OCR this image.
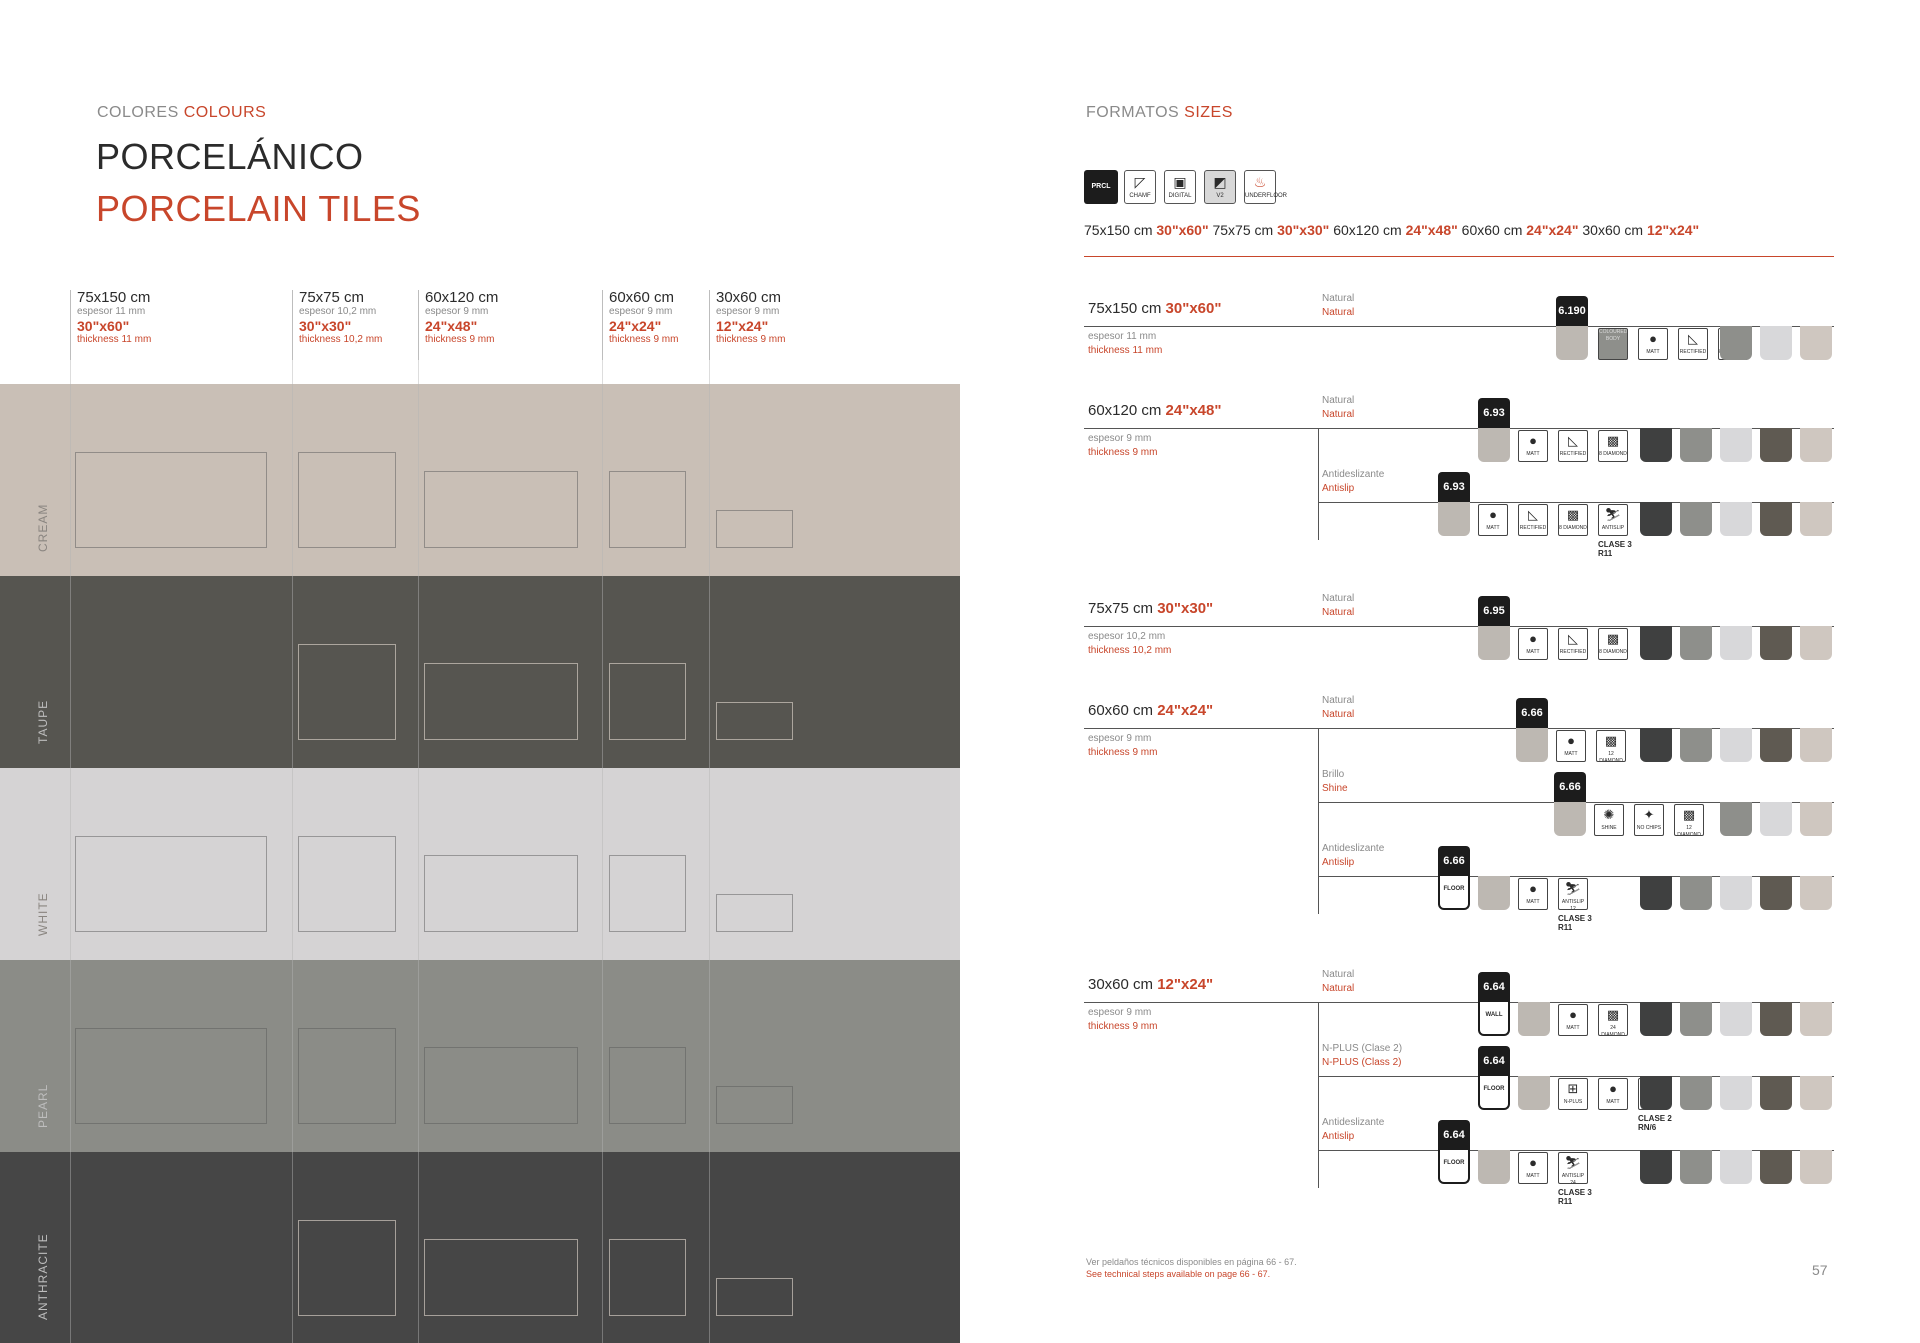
COLORES COLOURS
PORCELÁNICO
PORCELAIN TILES
75x150 cm
espesor 11 mm
30"x60"
thickness 11 mm
75x75 cm
espesor 10,2 mm
30"x30"
thickness 10,2 mm
60x120 cm
espesor 9 mm
24"x48"
thickness 9 mm
60x60 cm
espesor 9 mm
24"x24"
thickness 9 mm
30x60 cm
espesor 9 mm
12"x24"
thickness 9 mm
CREAM
TAUPE
WHITE
PEARL
ANTHRACITE
FORMATOS SIZES
PRCL	◸
CHAMF
▣
DIGITAL
◩
V2
♨
UNDERFLOOR
75x150 cm 30"x60" 75x75 cm 30"x30" 60x120 cm 24"x48" 60x60 cm 24"x24" 30x60 cm 12"x24"
75x150 cm 30"x60"
espesor 11 mm
thickness 11 mm
Natural
Natural	6.190
COLOURED BODY	●
MATT
◺
RECTIFIED
60x120 cm 24"x48"
espesor 9 mm
thickness 9 mm
Natural
Natural	6.93
●
MATT
◺
RECTIFIED
▩
8 DIAMOND
Antideslizante
Antislip	6.93
●
MATT
◺
RECTIFIED
▩
8 DIAMOND
⛷
ANTISLIP
CLASE 3
R11
75x75 cm 30"x30"
espesor 10,2 mm
thickness 10,2 mm
Natural
Natural	6.95
●
MATT
◺
RECTIFIED
▩
8 DIAMOND
60x60 cm 24"x24"
espesor 9 mm
thickness 9 mm
Natural
Natural	6.66
●
MATT
▩
12 DIAMOND
Brillo
Shine	6.66
✺
SHINE
✦
NO CHIPS
▩
12 DIAMOND
Antideslizante
Antislip	6.66
FLOOR	●
MATT
⛷
ANTISLIP 12
CLASE 3
R11
30x60 cm 12"x24"
espesor 9 mm
thickness 9 mm
Natural
Natural	6.64
WALL	●
MATT
▩
24 DIAMOND
N-PLUS (Clase 2)
N-PLUS (Class 2)	6.64
FLOOR	⊞
N-PLUS
●
MATT
CLASE 2
RN/6
Antideslizante
Antislip	6.64
FLOOR	●
MATT
⛷
ANTISLIP 24
CLASE 3
R11
Ver peldaños técnicos disponibles en página 66 - 67.
See technical steps available on page 66 - 67.	57
